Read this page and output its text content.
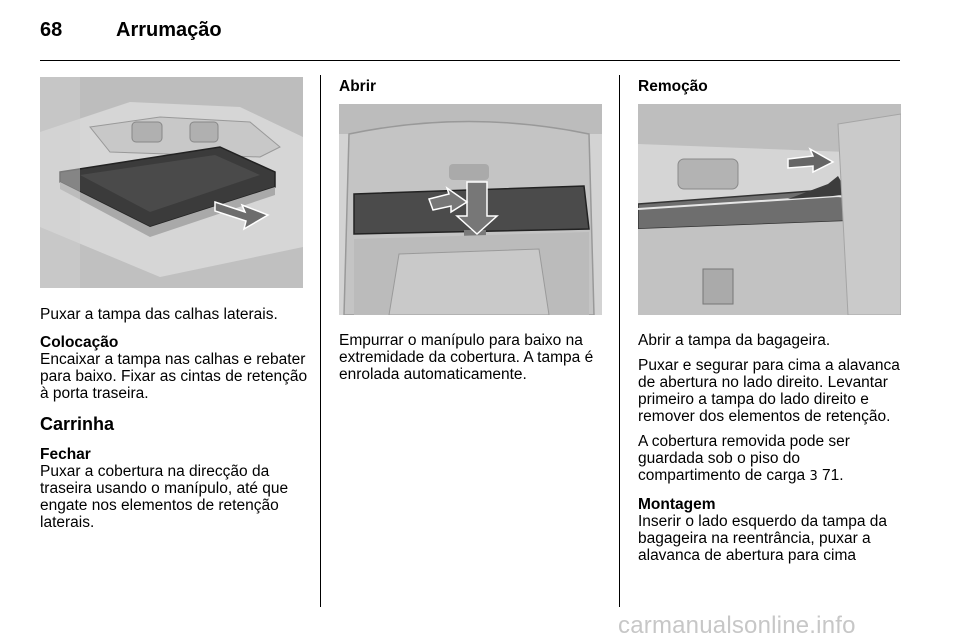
68	Arrumação

Puxar a tampa das calhas laterais.

Colocação

Encaixar a tampa nas calhas e rebater para baixo. Fixar as cintas de retenção à porta traseira.

Carrinha
Fechar

Puxar a cobertura na direcção da traseira usando o manípulo, até que engate nos elementos de retenção laterais.

Abrir

Empurrar o manípulo para baixo na extremidade da cobertura. A tampa é enrolada automaticamente.

Remoção

Abrir a tampa da bagageira.

Puxar e segurar para cima a alavanca de abertura no lado direito. Levantar primeiro a tampa do lado direito e remover dos elementos de retenção.

A cobertura removida pode ser guardada sob o piso do compartimento de carga 3 71.

Montagem

Inserir o lado esquerdo da tampa da bagageira na reentrância, puxar a alavanca de abertura para cima

carmanualsonline.info
